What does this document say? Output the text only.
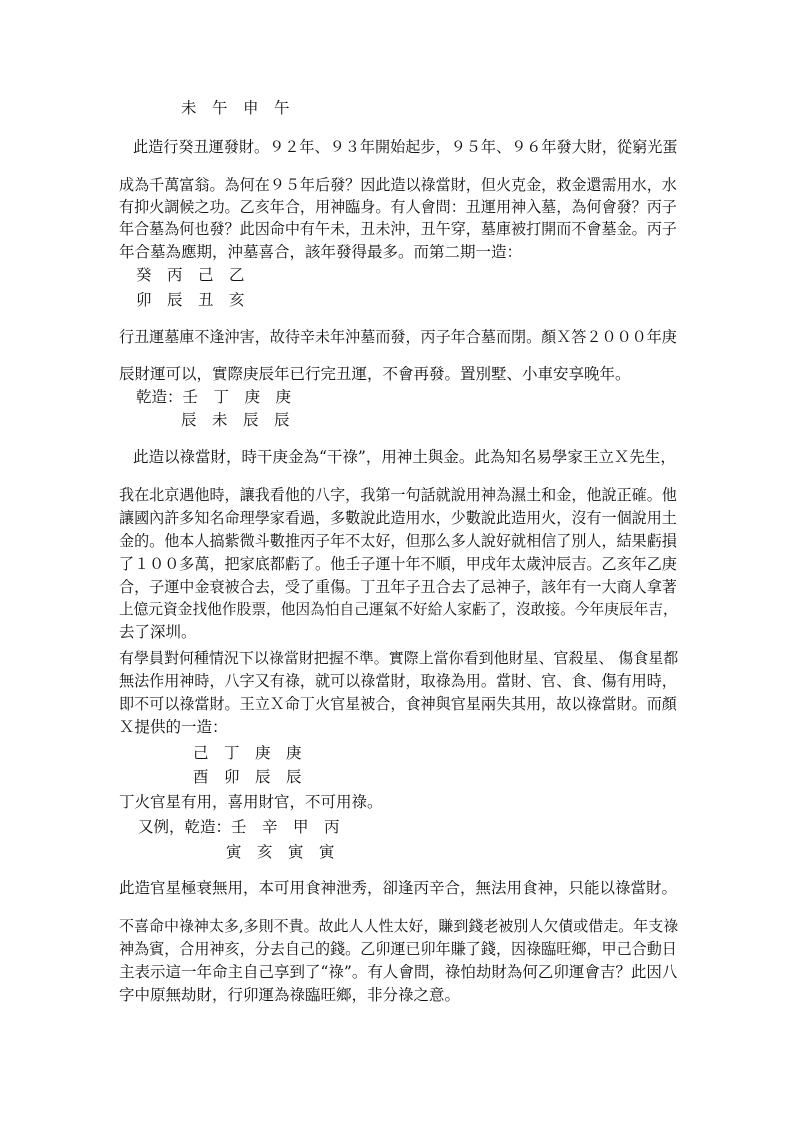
未　午　申　午
此造行癸丑運發財。９２年、９３年開始起步，９５年、９６年發大財，從窮光蛋
成為千萬富翁。為何在９５年后發？因此造以祿當財，但火克金，救金還需用水，水
有抑火調候之功。乙亥年合，用神臨身。有人會問：丑運用神入墓，為何會發？丙子
年合墓為何也發？此因命中有午未，丑未沖，丑午穿，墓庫被打開而不會墓金。丙子
年合墓為應期，沖墓喜合，該年發得最多。而第二期一造：
癸　丙　己　乙
卯　辰　丑　亥
行丑運墓庫不逢沖害，故待辛未年沖墓而發，丙子年合墓而閉。顏Ｘ答２０００年庚
辰財運可以，實際庚辰年已行完丑運，不會再發。置別墅、小車安享晚年。
乾造：壬　丁　庚　庚
辰　未　辰　辰
此造以祿當財，時干庚金為“干祿”，用神土與金。此為知名易學家王立Ｘ先生，
我在北京遇他時，讓我看他的八字，我第一句話就說用神為濕土和金，他說正確。他
讓國內許多知名命理學家看過，多數說此造用水，少數說此造用火，沒有一個說用土
金的。他本人搞紫微斗數推丙子年不太好，但那么多人說好就相信了別人，結果虧損
了１００多萬，把家底都虧了。他壬子運十年不順，甲戌年太歲沖辰吉。乙亥年乙庚
合，子運中金衰被合去，受了重傷。丁丑年子丑合去了忌神子，該年有一大商人拿著
上億元資金找他作股票，他因為怕自己運氣不好給人家虧了，沒敢接。今年庚辰年吉，
去了深圳。
有學員對何種情況下以祿當財把握不準。實際上當你看到他財星、官殺星、 傷食星都
無法作用神時，八字又有祿，就可以祿當財，取祿為用。當財、官、食、傷有用時，
即不可以祿當財。王立Ｘ命丁火官星被合，食神與官星兩失其用，故以祿當財。而顏
Ｘ提供的一造：
己　丁　庚　庚
酉　卯　辰　辰
丁火官星有用，喜用財官，不可用祿。
又例，乾造：壬　辛　甲　丙
寅　亥　寅　寅
此造官星極衰無用，本可用食神泄秀，卻逢丙辛合，無法用食神，只能以祿當財。
不喜命中祿神太多,多則不貴。故此人人性太好，賺到錢老被別人欠債或借走。年支祿
神為賓，合用神亥，分去自己的錢。乙卯運已卯年賺了錢，因祿臨旺鄉，甲己合動日
主表示這一年命主自己享到了“祿”。有人會問，祿怕劫財為何乙卯運會吉？此因八
字中原無劫財，行卯運為祿臨旺鄉，非分祿之意。
